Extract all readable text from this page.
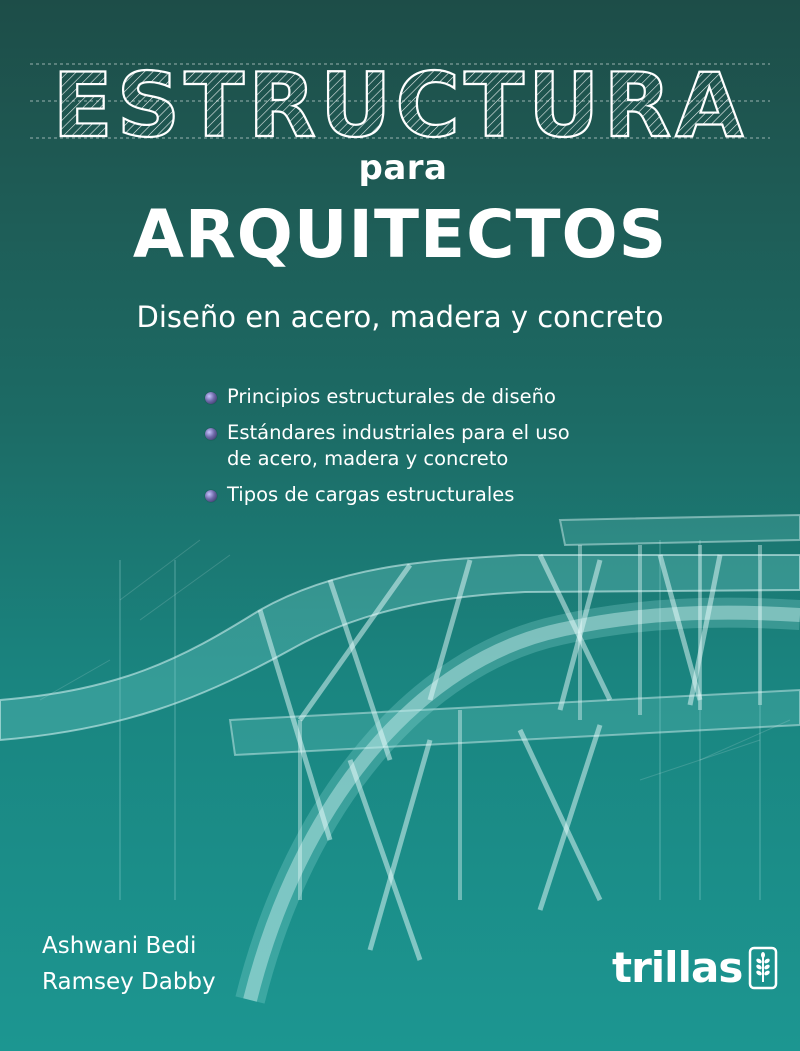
ESTRUCTURA
para
ARQUITECTOS
Diseño en acero, madera y concreto
Principios estructurales de diseño
Estándares industriales para el uso
de acero, madera y concreto
Tipos de cargas estructurales
Ashwani Bedi
Ramsey Dabby	trillas
